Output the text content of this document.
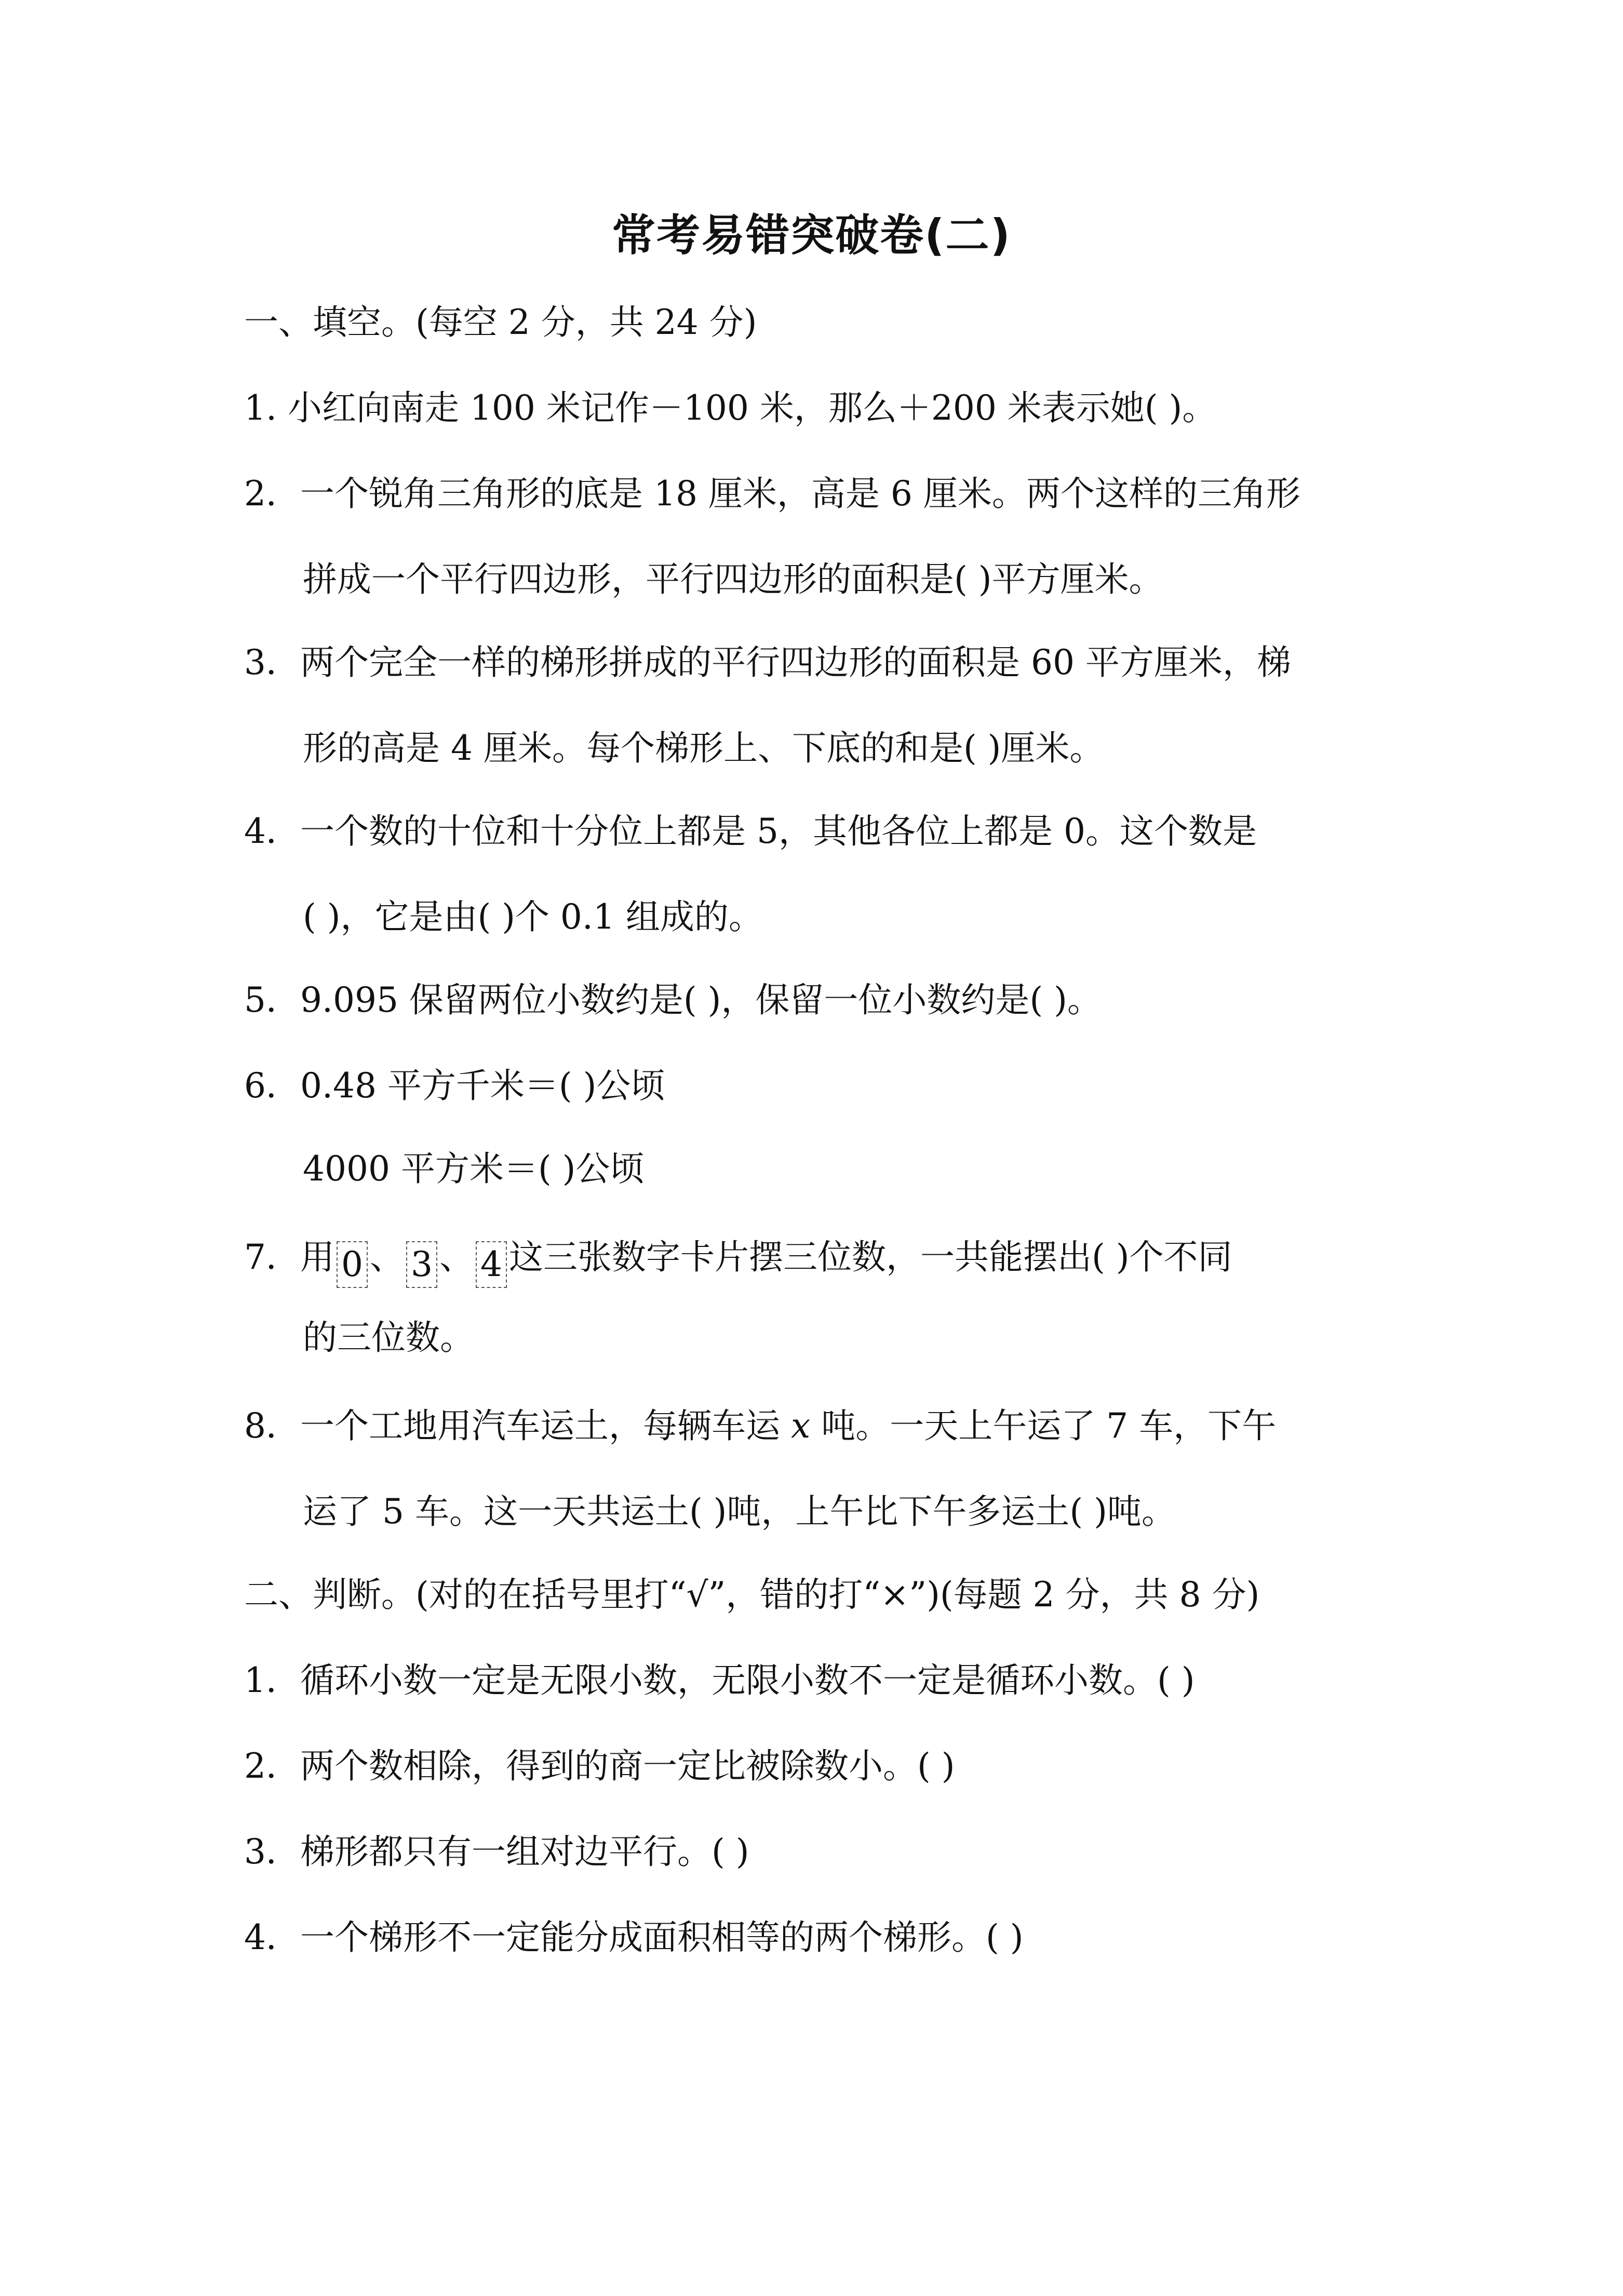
常考易错突破卷(二)
一、填空。(每空 2 分，共 24 分)
1. 小红向南走 100 米记作－100 米，那么＋200 米表示她( )。
2．一个锐角三角形的底是 18 厘米，高是 6 厘米。两个这样的三角形
拼成一个平行四边形，平行四边形的面积是( )平方厘米。
3．两个完全一样的梯形拼成的平行四边形的面积是 60 平方厘米，梯
形的高是 4 厘米。每个梯形上、下底的和是( )厘米。
4．一个数的十位和十分位上都是 5，其他各位上都是 0。这个数是
( )，它是由( )个 0.1 组成的。
5．9.095 保留两位小数约是( )，保留一位小数约是( )。
6．0.48 平方千米＝( )公顷
4000 平方米＝( )公顷
7．用 0 、 3 、 4 这三张数字卡片摆三位数，一共能摆出( )个不同
的三位数。
8．一个工地用汽车运土，每辆车运 x 吨。一天上午运了 7 车，下午
运了 5 车。这一天共运土( )吨，上午比下午多运土( )吨。
二、判断。(对的在括号里打“√”，错的打“×”)(每题 2 分，共 8 分)
1．循环小数一定是无限小数，无限小数不一定是循环小数。( )
2．两个数相除，得到的商一定比被除数小。( )
3．梯形都只有一组对边平行。( )
4．一个梯形不一定能分成面积相等的两个梯形。( )
